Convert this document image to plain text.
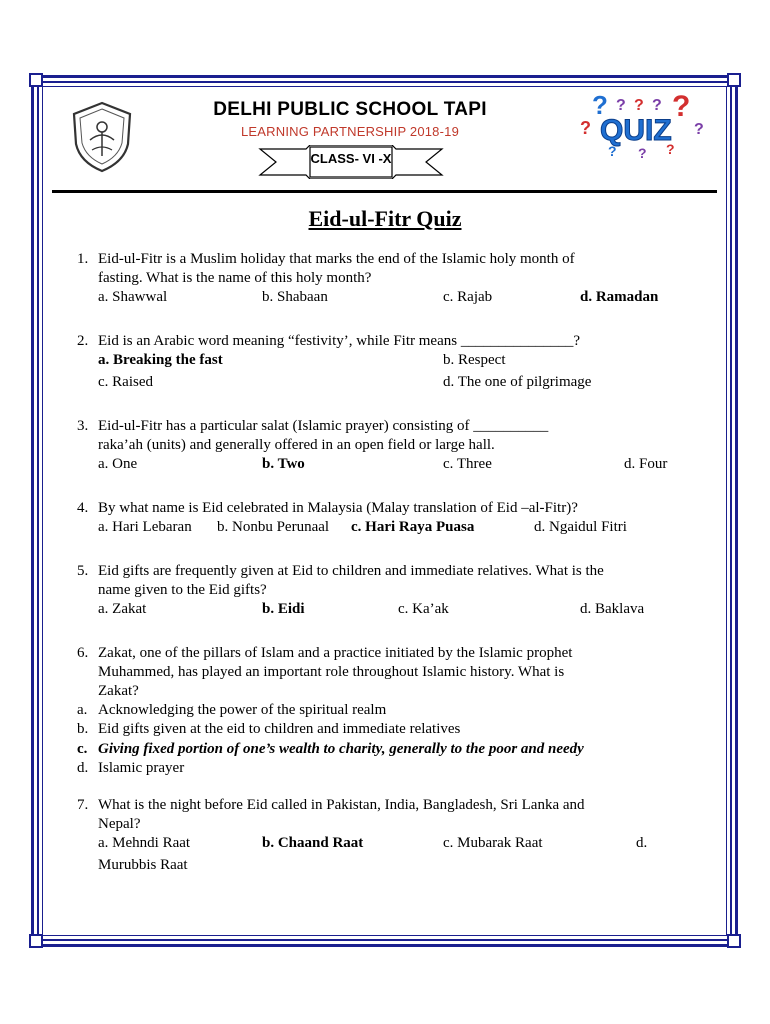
DELHI PUBLIC SCHOOL TAPI
LEARNING PARTNERSHIP 2018-19
CLASS- VI -X
? ? ? ? ?
?	?
QUIZ
? ? ?
Eid-ul-Fitr Quiz
1. Eid-ul-Fitr is a Muslim holiday that marks the end of the Islamic holy month of
fasting. What is the name of this holy month?
a. Shawwal	b. Shabaan	c. Rajab	d. Ramadan
2. Eid is an Arabic word meaning “festivity’, while Fitr means _______________?
a. Breaking the fast	b. Respect
c. Raised	d. The one of pilgrimage
3. Eid-ul-Fitr has a particular salat (Islamic prayer) consisting of __________
raka’ah (units) and generally offered in an open field or large hall.
a. One	b. Two	c. Three	d. Four
4. By what name is Eid celebrated in Malaysia (Malay translation of Eid –al-Fitr)?
a. Hari Lebaran b. Nonbu Perunaal c. Hari Raya Puasa	d. Ngaidul Fitri
5. Eid gifts are frequently given at Eid to children and immediate relatives. What is the
name given to the Eid gifts?
a. Zakat	b. Eidi	c. Ka’ak	d. Baklava
6. Zakat, one of the pillars of Islam and a practice initiated by the Islamic prophet
Muhammed, has played an important role throughout Islamic history. What is
Zakat?
a. Acknowledging the power of the spiritual realm
b. Eid gifts given at the eid to children and immediate relatives
c. Giving fixed portion of one’s wealth to charity, generally to the poor and needy
d. Islamic prayer
7. What is the night before Eid called in Pakistan, India, Bangladesh, Sri Lanka and
Nepal?
a. Mehndi Raat	b. Chaand Raat	c. Mubarak Raat	d.
Murubbis Raat
